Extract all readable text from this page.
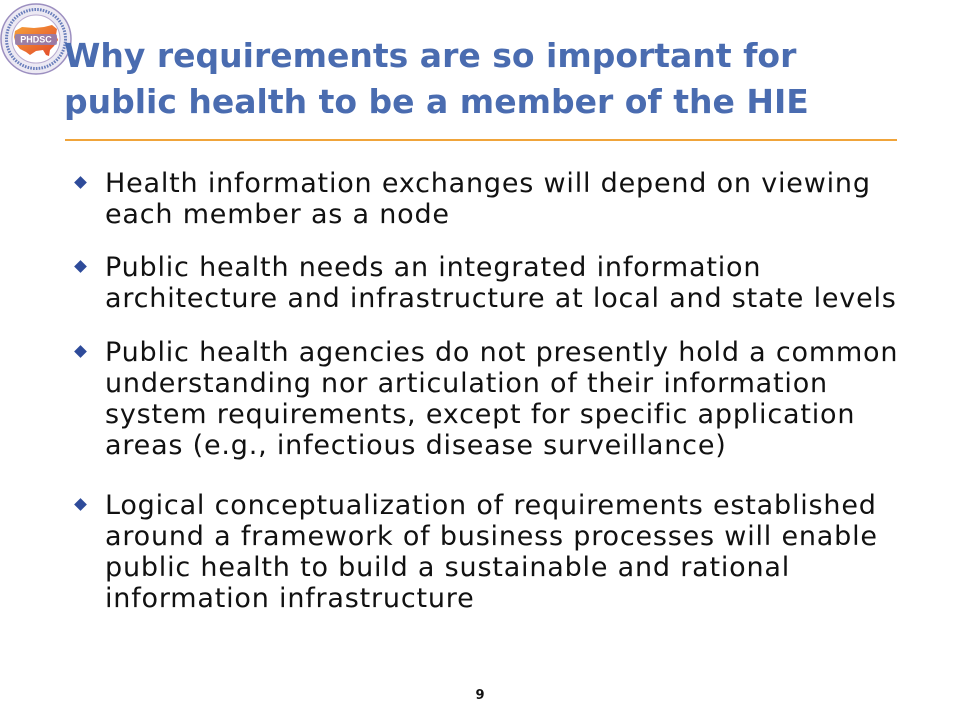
PHDSC Why requirements are so important for
public health to be a member of the HIE
Health information exchanges will depend on viewing
each member as a node
Public health needs an integrated information
architecture and infrastructure at local and state levels
Public health agencies do not presently hold a common
understanding nor articulation of their information
system requirements, except for specific application
areas (e.g., infectious disease surveillance)
Logical conceptualization of requirements established
around a framework of business processes will enable
public health to build a sustainable and rational
information infrastructure
9
